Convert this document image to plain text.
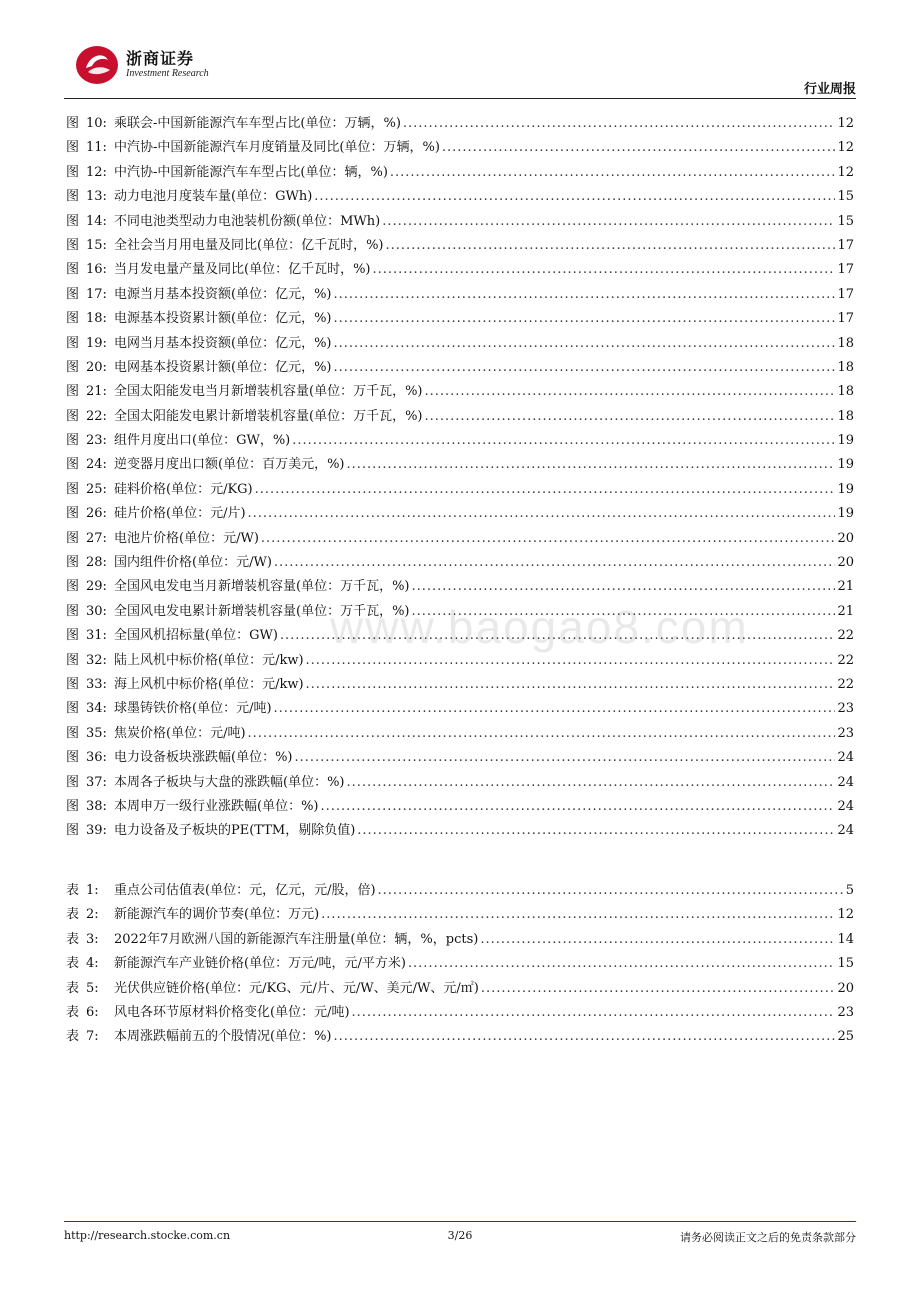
浙商证券
Investment Research
行业周报
图 10: 乘联会-中国新能源汽车车型占比(单位：万辆，%) .....	12
图 11: 中汽协-中国新能源汽车月度销量及同比(单位：万辆，%) .....	12
图 12: 中汽协-中国新能源汽车车型占比(单位：辆，%) .....	12
图 13: 动力电池月度装车量(单位：GWh) .....	15
图 14: 不同电池类型动力电池装机份额(单位：MWh) .....	15
图 15: 全社会当月用电量及同比(单位：亿千瓦时，%) .....	17
图 16: 当月发电量产量及同比(单位：亿千瓦时，%) .....	17
图 17: 电源当月基本投资额(单位：亿元，%) .....	17
图 18: 电源基本投资累计额(单位：亿元，%) .....	17
图 19: 电网当月基本投资额(单位：亿元，%) .....	18
图 20: 电网基本投资累计额(单位：亿元，%) .....	18
图 21: 全国太阳能发电当月新增装机容量(单位：万千瓦，%) .....	18
图 22: 全国太阳能发电累计新增装机容量(单位：万千瓦，%) .....	18
图 23: 组件月度出口(单位：GW，%) .....	19
图 24: 逆变器月度出口额(单位：百万美元，%) .....	19
图 25: 硅料价格(单位：元/KG) .....	19
图 26: 硅片价格(单位：元/片) .....	19
图 27: 电池片价格(单位：元/W) .....	20
图 28: 国内组件价格(单位：元/W) .....	20
图 29: 全国风电发电当月新增装机容量(单位：万千瓦，%) .....	21
图 30: 全国风电发电累计新增装机容量(单位：万千瓦，%) .....	21
图 31: 全国风机招标量(单位：GW) .....	22
图 32: 陆上风机中标价格(单位：元/kw) .....	22
图 33: 海上风机中标价格(单位：元/kw) .....	22
图 34: 球墨铸铁价格(单位：元/吨) .....	23
图 35: 焦炭价格(单位：元/吨) .....	23
图 36: 电力设备板块涨跌幅(单位：%) .....	24
图 37: 本周各子板块与大盘的涨跌幅(单位：%) .....	24
图 38: 本周申万一级行业涨跌幅(单位：%) .....	24
图 39: 电力设备及子板块的PE(TTM，剔除负值) .....	24
表 1:	重点公司估值表(单位：元，亿元，元/股，倍) .....	5
表 2:	新能源汽车的调价节奏(单位：万元) .....	12
表 3:	2022年7月欧洲八国的新能源汽车注册量(单位：辆，%，pcts) .....	14
表 4:	新能源汽车产业链价格(单位：万元/吨，元/平方米) .....	15
表 5:	光伏供应链价格(单位：元/KG、元/片、元/W、美元/W、元/㎡) .....	20
表 6:	风电各环节原材料价格变化(单位：元/吨) .....	23
表 7:	本周涨跌幅前五的个股情况(单位：%) .....	25
www.baogao8.com
http://research.stocke.com.cn	3/26	请务必阅读正文之后的免责条款部分
